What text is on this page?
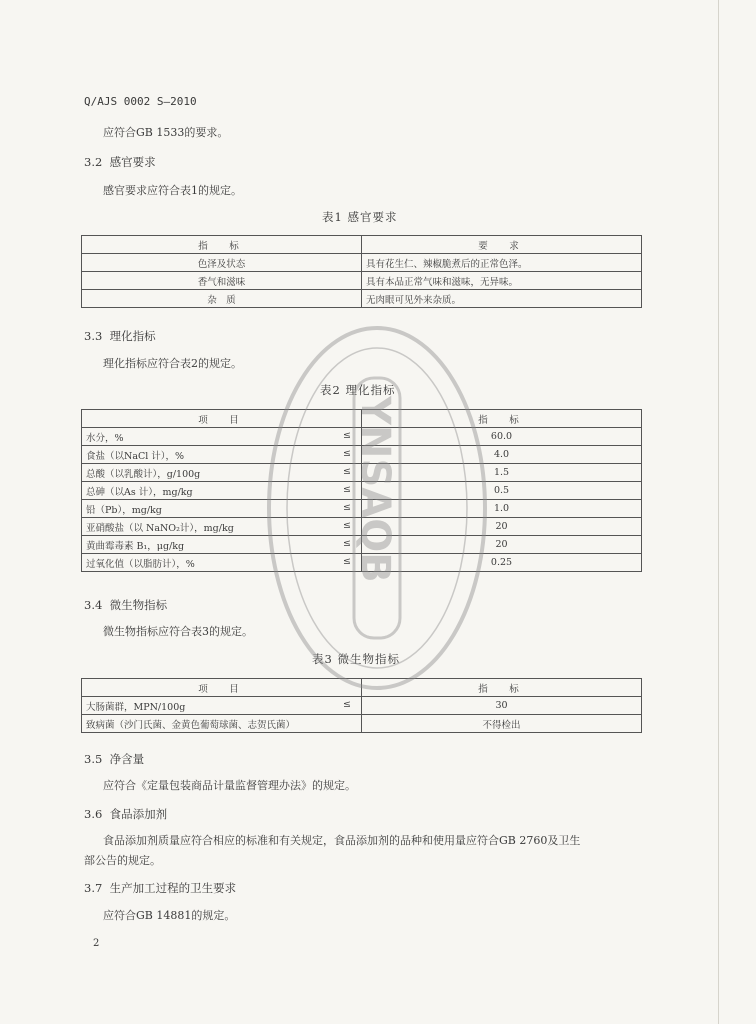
Q/AJS 0002 S—2010
应符合GB 1533的要求。
3.2 感官要求
感官要求应符合表1的规定。
表1 感官要求
指　标	要　求
色泽及状态	具有花生仁、辣椒脆煮后的正常色泽。
香气和滋味	具有本品正常气味和滋味，无异味。
杂　质	无肉眼可见外来杂质。
3.3 理化指标
理化指标应符合表2的规定。
表2 理化指标
项　目	指　标

水分，% ≤	60.0

食盐（以NaCl 计），% ≤	4.0

总酸（以乳酸计），g/100g ≤	1.5

总砷（以As 计），mg/kg ≤	0.5

铅（Pb），mg/kg ≤	1.0

亚硝酸盐（以 NaNO₂计），mg/kg ≤	20

黄曲霉毒素 B₁，μg/kg ≤	20

过氧化值（以脂肪计），% ≤	0.25
3.4 微生物指标
微生物指标应符合表3的规定。
表3 微生物指标
项　目	指　标

大肠菌群，MPN/100g ≤	30

致病菌（沙门氏菌、金黄色葡萄球菌、志贺氏菌）	不得检出
3.5 净含量
应符合《定量包装商品计量监督管理办法》的规定。
3.6 食品添加剂
食品添加剂质量应符合相应的标准和有关规定，食品添加剂的品种和使用量应符合GB 2760及卫生
部公告的规定。
3.7 生产加工过程的卫生要求
应符合GB 14881的规定。
2
YNSAQB
